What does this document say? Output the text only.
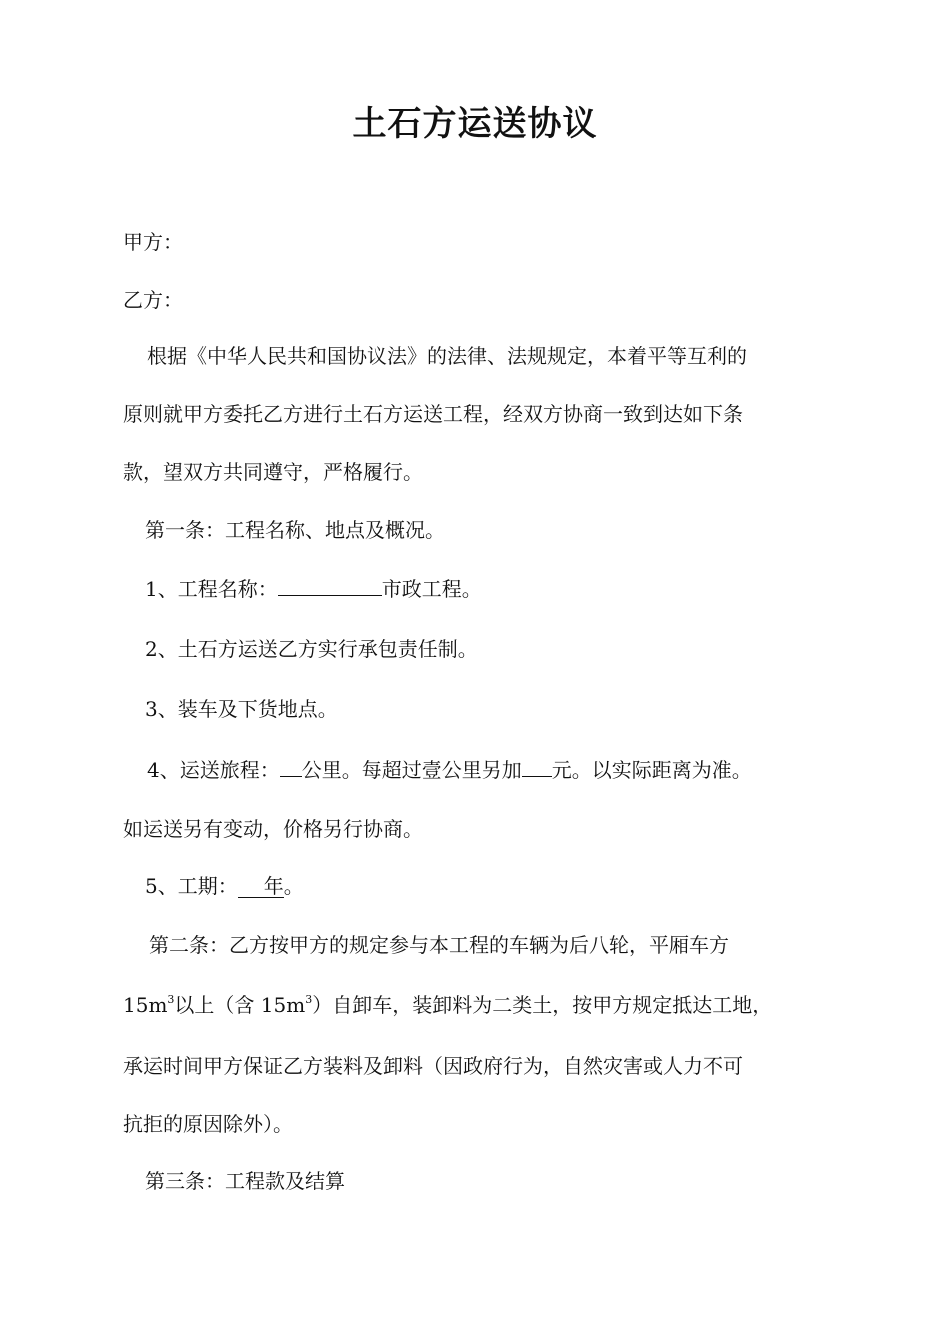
土石方运送协议
甲方：
乙方：
根据《中华人民共和国协议法》的法律、法规规定，本着平等互利的
原则就甲方委托乙方进行土石方运送工程，经双方协商一致到达如下条
款，望双方共同遵守，严格履行。
第一条：工程名称、地点及概况。
1、工程名称：	市政工程。
2、土石方运送乙方实行承包责任制。
3、装车及下货地点。
4、运送旅程： 公里。每超过壹公里另加 元。以实际距离为准。
如运送另有变动，价格另行协商。
5、工期： 年。
第二条：乙方按甲方的规定参与本工程的车辆为后八轮，平厢车方
$15m^3$以上（含 $15m^3$）自卸车，装卸料为二类土，按甲方规定抵达工地，
承运时间甲方保证乙方装料及卸料（因政府行为，自然灾害或人力不可
抗拒的原因除外）。
第三条：工程款及结算
